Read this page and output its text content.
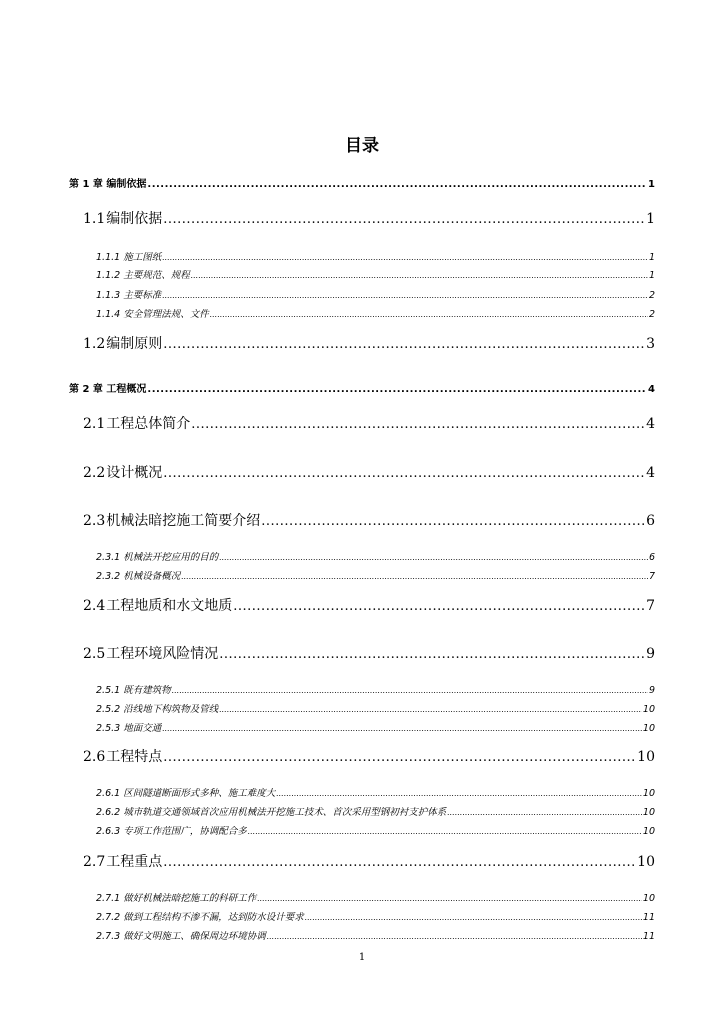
目录
第 1 章 编制依据 .....	1
1.1编制依据 .....	1
1.1.1 施工图纸 .....	1
1.1.2 主要规范、规程 .....	1
1.1.3 主要标准 .....	2
1.1.4 安全管理法规、文件 .....	2
1.2编制原则 .....	3
第 2 章 工程概况 .....	4
2.1工程总体简介 .....	4
2.2设计概况 .....	4
2.3机械法暗挖施工简要介绍 .....	6
2.3.1 机械法开挖应用的目的 .....	6
2.3.2 机械设备概况 .....	7
2.4工程地质和水文地质 .....	7
2.5工程环境风险情况 .....	9
2.5.1 既有建筑物 .....	9
2.5.2 沿线地下构筑物及管线 .....	10
2.5.3 地面交通 .....	10
2.6工程特点 .....	10
2.6.1 区间隧道断面形式多种、施工难度大 .....	10
2.6.2 城市轨道交通领域首次应用机械法开挖施工技术、首次采用型钢初衬支护体系 .....	10
2.6.3 专项工作范围广，协调配合多 .....	10
2.7工程重点 .....	10
2.7.1 做好机械法暗挖施工的科研工作 .....	10
2.7.2 做到工程结构不渗不漏，达到防水设计要求 .....	11
2.7.3 做好文明施工、确保周边环境协调 .....	11
1
